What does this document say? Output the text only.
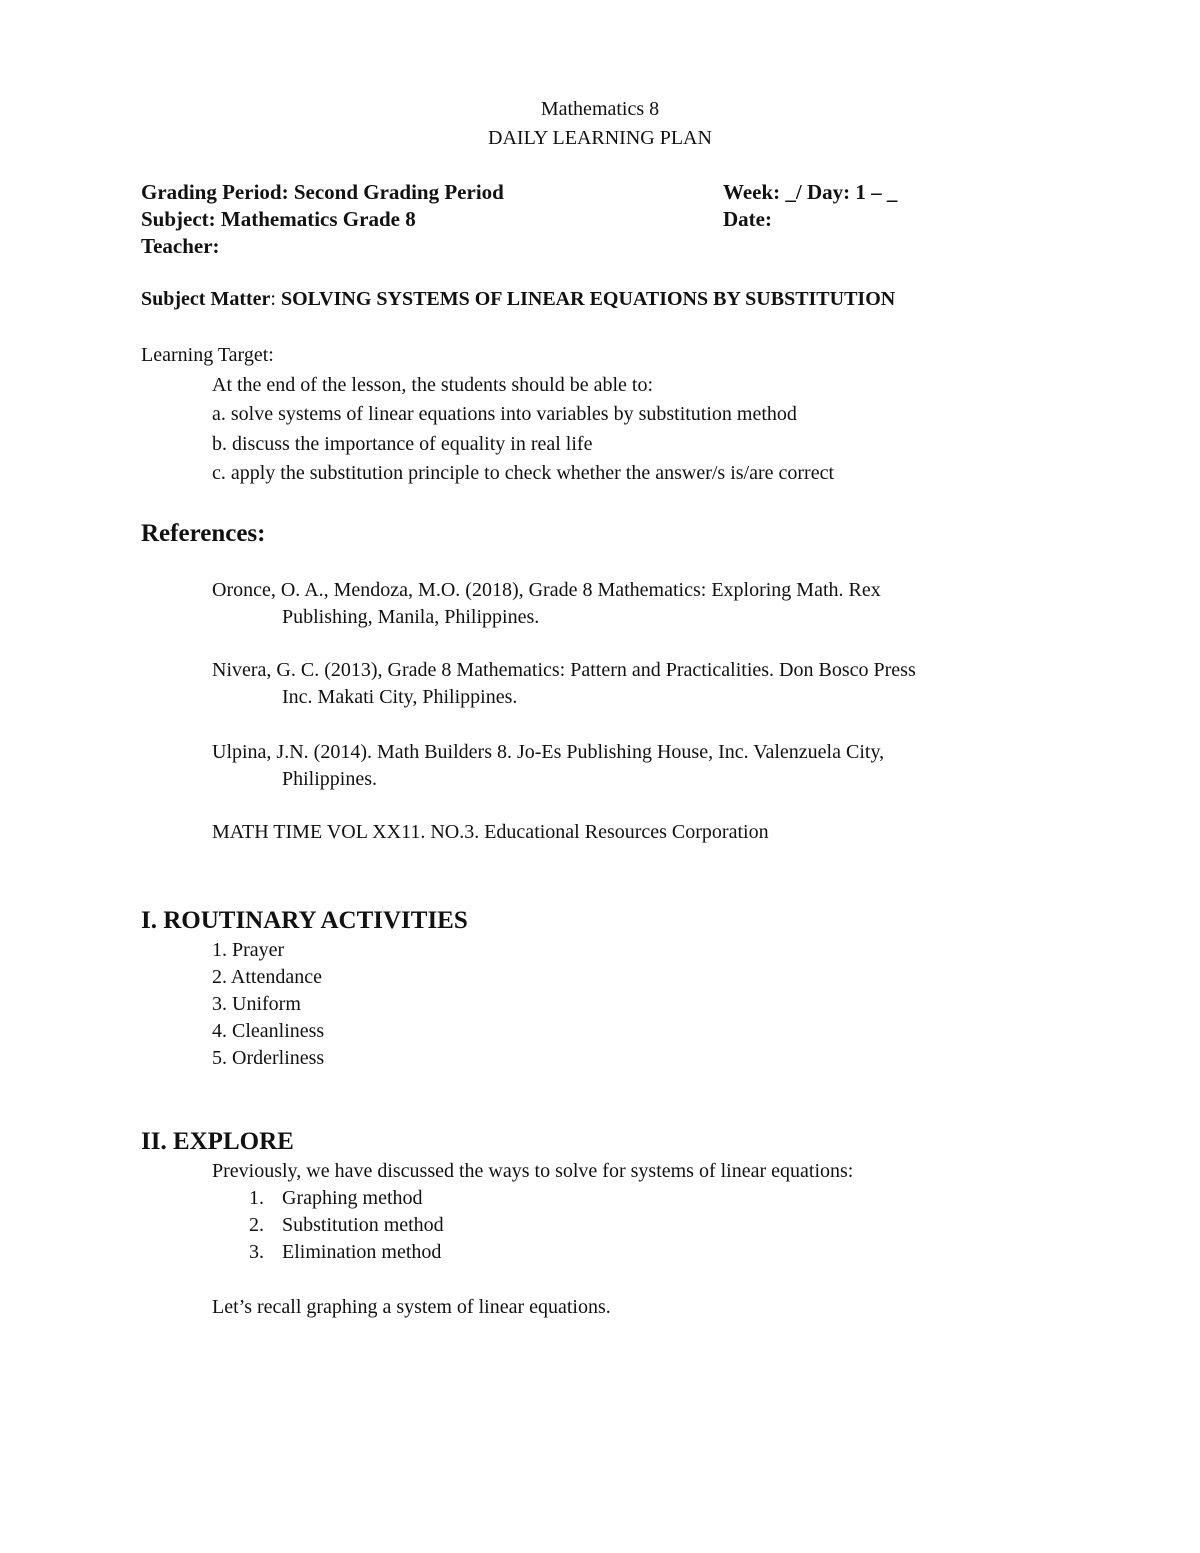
Mathematics 8
DAILY LEARNING PLAN
Grading Period: Second Grading Period
Subject: Mathematics Grade 8
Teacher:
Week: _/ Day: 1 – _
Date:
Subject Matter: SOLVING SYSTEMS OF LINEAR EQUATIONS BY SUBSTITUTION
Learning Target:
At the end of the lesson, the students should be able to:
a. solve systems of linear equations into variables by substitution method
b. discuss the importance of equality in real life
c. apply the substitution principle to check whether the answer/s is/are correct
References:
Oronce, O. A., Mendoza, M.O. (2018), Grade 8 Mathematics: Exploring Math. Rex
Publishing, Manila, Philippines.
Nivera, G. C. (2013), Grade 8 Mathematics: Pattern and Practicalities. Don Bosco Press
Inc. Makati City, Philippines.
Ulpina, J.N. (2014). Math Builders 8. Jo-Es Publishing House, Inc. Valenzuela City,
Philippines.
MATH TIME VOL XX11. NO.3. Educational Resources Corporation
I. ROUTINARY ACTIVITIES
1. Prayer
2. Attendance
3. Uniform
4. Cleanliness
5. Orderliness
II. EXPLORE
Previously, we have discussed the ways to solve for systems of linear equations:
1. Graphing method
2. Substitution method
3. Elimination method
Let’s recall graphing a system of linear equations.
